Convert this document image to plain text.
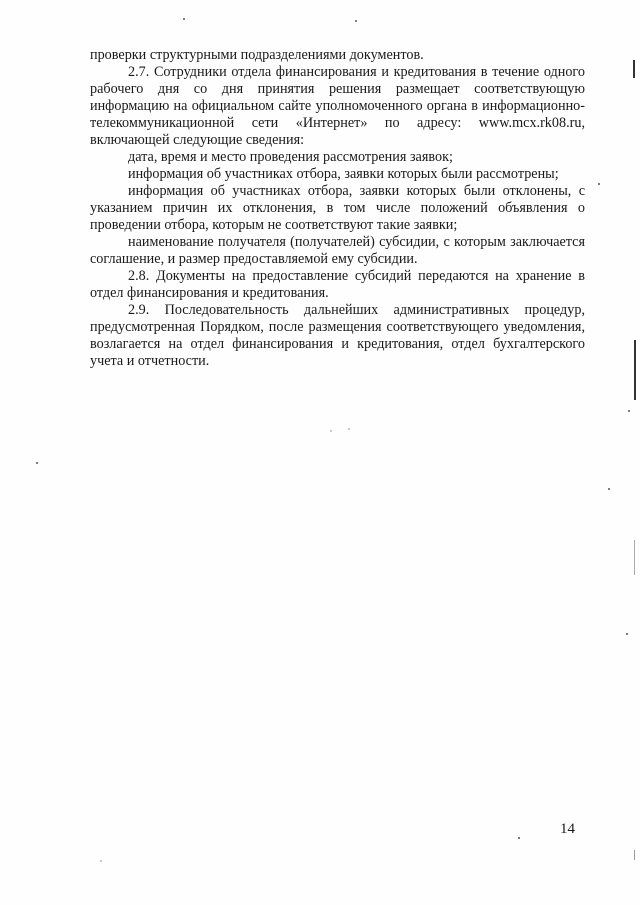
проверки структурными подразделениями документов.

2.7. Сотрудники отдела финансирования и кредитования в течение одного рабочего дня со дня принятия решения размещает соответствующую информацию на официальном сайте уполномоченного органа в информационно-телекоммуникационной сети «Интернет» по адресу: www.mcx.rk08.ru, включающей следующие сведения:

дата, время и место проведения рассмотрения заявок;

информация об участниках отбора, заявки которых были рассмотрены;

информация об участниках отбора, заявки которых были отклонены, с указанием причин их отклонения, в том числе положений объявления о проведении отбора, которым не соответствуют такие заявки;

наименование получателя (получателей) субсидии, с которым заключается соглашение, и размер предоставляемой ему субсидии.

2.8. Документы на предоставление субсидий передаются на хранение в отдел финансирования и кредитования.

2.9. Последовательность дальнейших административных процедур, предусмотренная Порядком, после размещения соответствующего уведомления, возлагается на отдел финансирования и кредитования, отдел бухгалтерского учета и отчетности.

14
